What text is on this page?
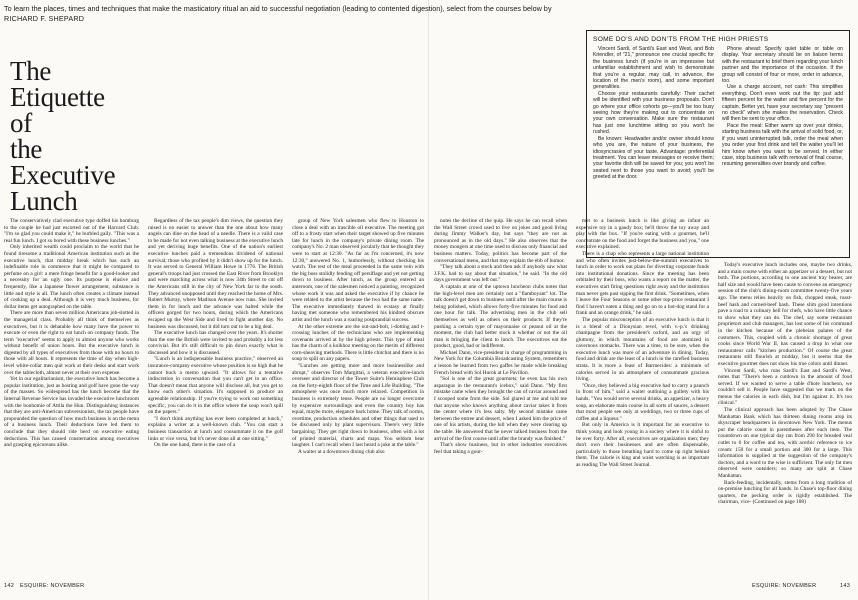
To learn the places, times and techniques that make the masticatory ritual an aid to successful negotiation (leading to contented digestion), select from the courses below by RICHARD F. SHEPARD
The
Etiquette
of
the
Executive
Lunch
SOME DO'S AND DON'TS FROM THE HIGH PRIESTS

Vincent Sardi, of Sardi's East and West, and Bob Kriendler, of "21," pronounce one crucial specific for the business lunch (if you're in an impressive but unfamiliar establishment and wish to demonstrate that you're a regular, may call, in advance, the location of the men's room), and some important generalities.

Choose your restaurants carefully: Their cachet will be identified with your business proposals. Don't go where your office cohorts go—you'll be too busy seeing how they're making out to concentrate on your own conversation. Make sure the restaurant has just one lunchtime sitting so you won't be rushed.

Be known: Headwaiter and/or owner should know who you are, the nature of your business, the idiosyncrasies of your taste. Advantage: preferential treatment. You can leave messages or receive them; your favorite dish will be saved for you; you won't be seated next to those you want to avoid; you'll be greeted at the door.

Phone ahead: Specify quiet table or table on display. Your secretary should be on liaison terms with the restaurant to brief them regarding your lunch partner and the importance of the occasion. If the group will consist of four or more, order in advance, too.

Use a charge account, not cash: This simplifies everything. Don't even work out the tip: just add fifteen percent for the waiter and five percent for the captain. Better yet, have your secretary say "present no check" when she makes the reservation. Check will then be sent to your office.

Pace the meal: Either warm up over your drinks, starting business talk with the arrival of solid food, or, if you want uninterrupted talk, order the meal when you order your first drink and tell the waiter you'll let him know when you want to be served. In either case, stop business talk with removal of final course, resuming generalities over brandy and coffee.

The conservatively clad executive type doffed his homburg to the couple he had just escorted out of the Harvard Club. "I'm so glad you could make it," he burbled gaily. "This was a real fun lunch. I got so bored with these business lunches."

Only inherited wealth could proclaim to the world that he found tiresome a traditional American institution such as the executive lunch, that midday break which has such an indefinable role in commerce that it might be compared to perfume on a girl: a mere fringe benefit for a good-looker and a necessity for an ugly one. Its purpose is elusive and frequently, like a Japanese flower arrangement, substance is little and style is all. The lunch often creates a climate instead of cooking up a deal. Although it is very much business, for dollar items get autographed on the table.

There are more than seven million Americans job-slotted in the managerial class. Probably all think of themselves as executives, but it is debatable how many have the power to execute or even the right to eat lunch on company funds. The term "executive" seems to apply to almost anyone who works without benefit of union hours. But the executive lunch is digested by all types of executives from those with no hours to those with all hours. It represents the time of day when high-level white-collar men quit work at their desks and start work over the tablecloth, almost never at their own expense.

Yet in our egalitarianism, the executive lunch has become a popular institution, just as hosting and golf have gone the way of the masses. So widespread has the lunch become that the Internal Revenue Service has invaded the executive lunchroom with the bonhomie of Attila the Hun. Distinguishing instances that they are anti-American subversionists, the tax people have propounded the question of how much business is on the menu of a business lunch. Their deductions have led them to conclude that they should ride herd on executive eating deductions. This has caused consternation among executives and grasping epicureans alike.

Regardless of the tax people's dim views, the question they raised is no easier to answer than the one about how many angels can dine on the head of a needle. There is a valid case to be made for not even talking business at the executive lunch and yet deriving huge benefits. One of the nation's earliest executive lunches paid a tremendous dividend of national survival; those who profited by it didn't show up for the lunch. It was served to General William Howe in 1776. The British general's troops had just crossed the East River from Brooklyn and were marching across what is now 34th Street to cut off the Americans still in the city of New York far to the south. They advanced unopposed until they reached the home of Mrs. Robert Murray, where Madison Avenue now runs. She invited them in for lunch and the advance was halted while the officers gorged for two hours, during which the Americans escaped up the West Side and lived to fight another day. No business was discussed, but it did turn out to be a big deal.

The executive lunch has changed over the years. It's shorter than the one the British were invited to and probably a lot less convivial. But it's still difficult to pin down exactly what is discussed and how it is discussed.

"Lunch is an indispensable business practice," observed an insurance-company executive whose position is so high that he cannot buck a memo upward. "It allows for a tentative indiscretion in conversation that you can't get in an office. That doesn't mean that anyone will disclose all, but you get to know each other's situation. It's supposed to produce an agreeable relationship. If you're trying to work out something specific, you can do it in the office where the soup won't spill on the papers."

"I don't think anything has ever been completed at lunch," explains a writer at a well-known club. "You can start a business transaction at lunch and consummate it on the golf links or vice versa, but it's never done all at one sitting."

On the one hand, there is the case of a

group of New York salesmen who flew to Houston to close a deal with an irascible oil executive. The meeting got off to a frosty start when their target showed up five minutes late for lunch in the company's private dining room. The company's No. 2 man observed jocularly that he thought they were to start at 12:30. "As far as I'm concerned, it's now 12:30," answered No. 1, humorlessly, without checking his watch. The rest of the meal proceeded in the same vein with the big boss stolidly fending off persiflage and yet not getting down to business. After lunch, as the group entered an anteroom, one of the salesmen noticed a painting, recognized whose work it was and asked the executive if by chance he were related to the artist because the two had the same name. The executive immediately thawed in ecstasy at finally having met someone who remembered his kindred obscure artist and the lunch was a roaring postprandial success.

At the other extreme are the out-and-bolt, i-dotting and t-crossing lunches of the technicians who are implementing covenants arrived at by the high priests. This type of meal has the charm of a kolkhoz meeting on the merits of different corn-sheaving methods. There is little chitchat and there is no soup to spill on any papers.

"Lunches are getting more and more businesslike and abrupt," observes Tom Margittai, a veteran executive-lunch overseer and director of the Tower Suite's Hemisphere Club on the forty-eighth floor of the Time and Life Building. "The atmosphere was once much more relaxed. Competition in business is extremely tense. People are no longer overcome by expensive surroundings and even the country boy has equal, maybe more, elegance back home. They talk of norms, overtime, production schedules and other things that used to be discussed only by plant supervisors. There's very little bargaining. They get right down to business, often with a lot of printed material, charts and maps. You seldom hear laughter. I can't recall when I last heard a joke at the table."

A waiter at a downtown dining club also

notes the decline of the quip. He says he can recall when the Wall Street crowd used to live on jokes and good living during Jimmy Walker's day, but says "they are not as pronounced as in the old days." He also observes that the money mongers at one time used to discuss only financial and business matters. Today, politics has become part of the conversational menu, and that may explain the ebb of humor.

"They talk about a stock and then ask if anybody saw what J.F.K. had to say about that situation," he said. "In the old days government was left out."

A captain at one of the uptown luncheon clubs notes that the high-level men are certainly not a "flamboyant" lot. The talk doesn't get down to business until after the main course is being polished, which allows forty-five minutes for food and one hour for talk. The advertising men in the club sell themselves as well as others on their products. If they're pushing a certain type of mayonnaise or peanut oil at the moment, the club had better stock it whether or not the oil man is bringing the client to lunch. The executives eat the product, good, bad or indifferent.

Michael Dann, vice-president in charge of programming in New York for the Columbia Broadcasting System, remembers a lesson he learned from two gaffes he made while breaking French bread with Sol Hurok at Le Pavillon.

"Sol is one of the great gourmets; he even has his own asparagus in the restaurant's icebox," said Dann. "My first mistake came when they brought the can of caviar around and I scooped some from the side. Sol glared at me and told me that anyone who knows anything about caviar takes it from the center where it's less salty. My second mistake came between the entree and dessert, when I asked him the price of one of his artists, during the lull when they were clearing up the table. He answered that he never talked business from the arrival of the first course until after the brandy was finished."

That's show business, but in other industries executives feel that taking a gour-

met to a business lunch is like giving an infant an expensive toy in a gaudy box; he'll throw the toy away and play with the box. "If you're eating with a gourmet, he'll concentrate on the food and forget the business and you," one executive explained.

There is a chap who represents a large national institution and who often invites just-below-the-summit executives to lunch in order to work out plans for diverting corporate funds into institutional donations. Since the meeting has been orbitaled by their boss, who wants a report on the matter, the executives start firing questions right away and the institution man never gets past sipping the first drink. "Sometimes, when I leave the Four Seasons or some other top-price restaurant I find I haven't eaten a thing and go on to a hot-dog stand for a frank and an orange drink," he said.

The popular misconception of an executive lunch is that it is a blend of a Dionysian revel, with v.-p.'s drinking champagne from the president's oxford, and an orgy of gluttony, in which mountains of food are atomized in cavernous stomachs. There was a time, to be sure, when the executive lunch was more of an adventure in dining. Today, food and drink are the least of a lunch in the rarefied business strata. It is more a feast of Barmecides: a minimum of calories served in an atmosphere of consummate gracious living.

"Once, they believed a big executive had to carry a paunch in front of him," said a waiter outlining a gullety with his hands. "You would serve several drinks, an appetizer, a heavy soup, an elaborate main course in all sorts of sauces, a dessert that most people see only at weddings, two or three cups of coffee and a liqueur."

But only in America is it important for an executive to think young and look young in a society where it is sinful to be over forty. After all, executives are organization men; they don't own their businesses and are often dispensable, particularly to those breathing hard to come up right behind them. The calorie is king and waist watching is as important as reading The Wall Street Journal.

Today's executive lunch includes one, maybe two drinks, and a main course with either an appetizer or a dessert, but not both. The portions, according to one ancient tray bearer, are half size and would have been cause to convene an emergency session of the club's dining-room committee twenty-five years ago. The menu relies heavily on fish, chopped steak, roast-beef hash and corned-beef hash. These slim good intentions pave a road to a culinary hell for chefs, who have little chance to show what they can do. The chef, say some restaurant proprietors and club managers, has lost some of his command in the kitchen because of the plebeian palates of the customers. This, coupled with a chronic shortage of great cooks since World War II, has caused a drop in what one restaurateur calls "kitchen production." Of course the great restaurants still flourish at midday, but it seems that the executive gourmet does not show his true colors until dinner.

Vincent Sardi, who runs Sardi's East and Sardi's West, notes that "There's been a cutdown in the amount of food served. If we wanted to serve a table d'hote luncheon, we couldn't sell it. People have suggested that we mark on the menus the calories in each dish, but I'm against it. It's too clinical."

The clinical approach has been adopted by The Chase Manhattan Bank which has thirteen dining rooms atop its skyscraper headquarters in downtown New York. The menus put the calorie count in parentheses after each item. The countdown on one typical day ran from 290 for breaded veal cutlet to 0 for coffee and tea, with acerbic reference to ice cream: 150 for a small portion and 300 for a large. This information is supplied at the suggestion of the company's doctors, and a word to the wise is sufficient. The only fat men observed were outsiders; so many are split at Chase Manhattan.

Back-feeding, incidentally, stems from a long tradition of on-premise lunching for all hands. In Chase's top-floor dining quarters, the pecking order is rigidly established. The chairman, vice- (Continued on page 188)

142 ESQUIRE: NOVEMBER	ESQUIRE: NOVEMBER	143
